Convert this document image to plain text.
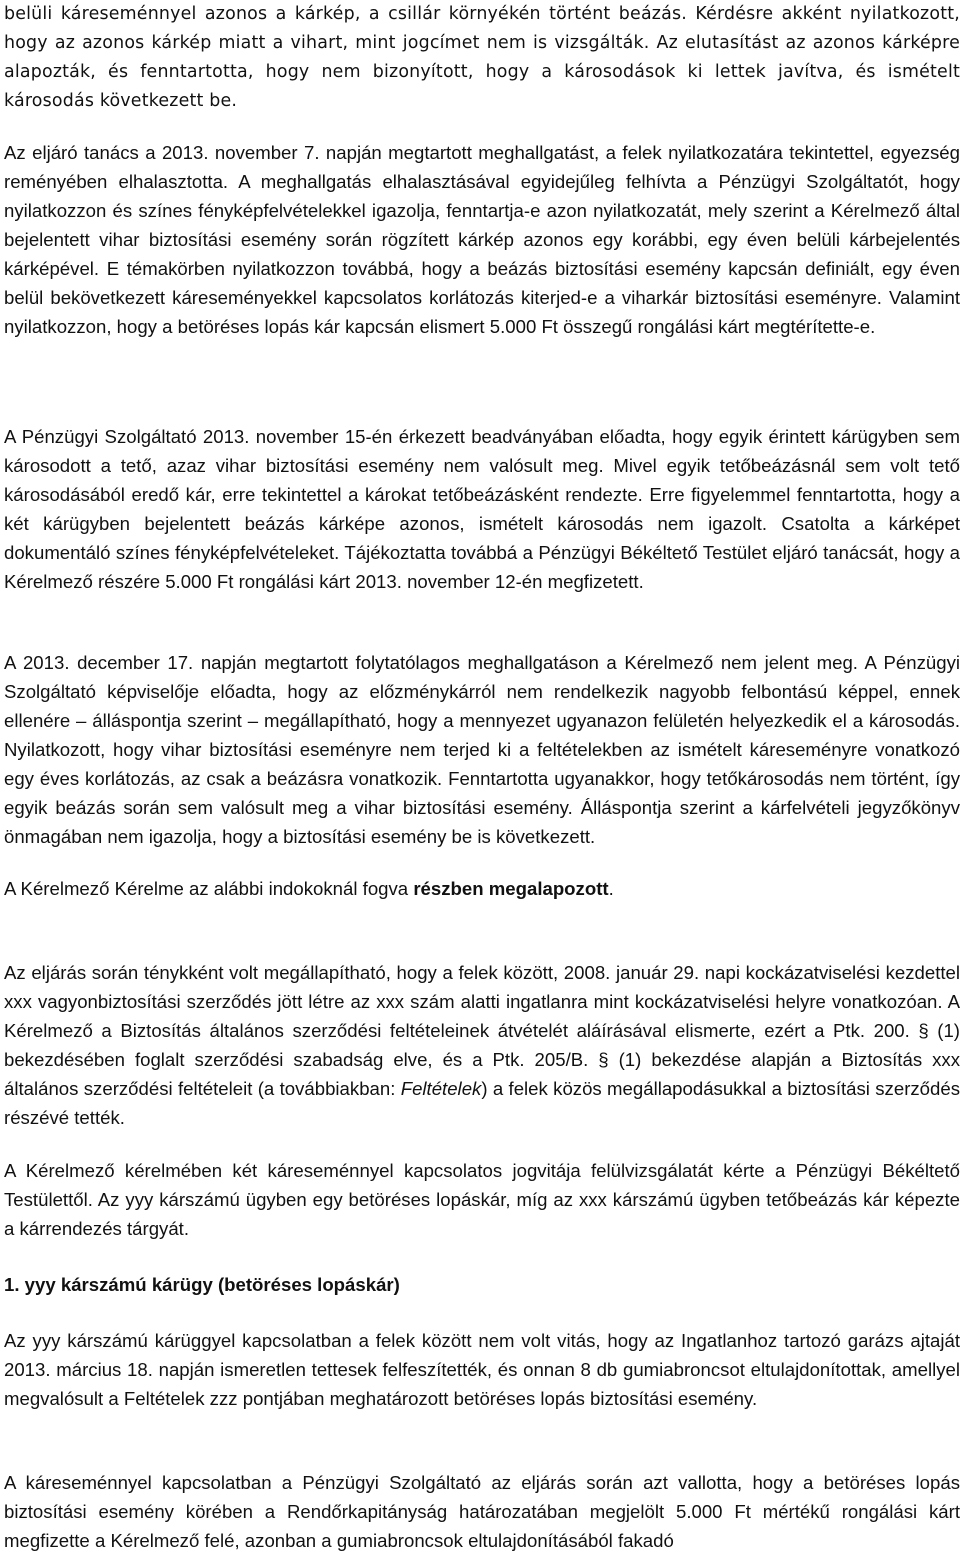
belüli káreseménnyel azonos a kárkép, a csillár környékén történt beázás. Kérdésre akként nyilatkozott, hogy az azonos kárkép miatt a vihart, mint jogcímet nem is vizsgálták. Az elutasítást az azonos kárképre alapozták, és fenntartotta, hogy nem bizonyított, hogy a károsodások ki lettek javítva, és ismételt károsodás következett be.

Az eljáró tanács a 2013. november 7. napján megtartott meghallgatást, a felek nyilatkozatára tekintettel, egyezség reményében elhalasztotta. A meghallgatás elhalasztásával egyidejűleg felhívta a Pénzügyi Szolgáltatót, hogy nyilatkozzon és színes fényképfelvételekkel igazolja, fenntartja-e azon nyilatkozatát, mely szerint a Kérelmező által bejelentett vihar biztosítási esemény során rögzített kárkép azonos egy korábbi, egy éven belüli kárbejelentés kárképével. E témakörben nyilatkozzon továbbá, hogy a beázás biztosítási esemény kapcsán definiált, egy éven belül bekövetkezett káreseményekkel kapcsolatos korlátozás kiterjed-e a viharkár biztosítási eseményre. Valamint nyilatkozzon, hogy a betöréses lopás kár kapcsán elismert 5.000 Ft összegű rongálási kárt megtérítette-e.

A Pénzügyi Szolgáltató 2013. november 15-én érkezett beadványában előadta, hogy egyik érintett kárügyben sem károsodott a tető, azaz vihar biztosítási esemény nem valósult meg. Mivel egyik tetőbeázásnál sem volt tető károsodásából eredő kár, erre tekintettel a károkat tetőbeázásként rendezte. Erre figyelemmel fenntartotta, hogy a két kárügyben bejelentett beázás kárképe azonos, ismételt károsodás nem igazolt. Csatolta a kárképet dokumentáló színes fényképfelvételeket. Tájékoztatta továbbá a Pénzügyi Békéltető Testület eljáró tanácsát, hogy a Kérelmező részére 5.000 Ft rongálási kárt 2013. november 12-én megfizetett.

A 2013. december 17. napján megtartott folytatólagos meghallgatáson a Kérelmező nem jelent meg. A Pénzügyi Szolgáltató képviselője előadta, hogy az előzménykárról nem rendelkezik nagyobb felbontású képpel, ennek ellenére – álláspontja szerint – megállapítható, hogy a mennyezet ugyanazon felületén helyezkedik el a károsodás. Nyilatkozott, hogy vihar biztosítási eseményre nem terjed ki a feltételekben az ismételt káreseményre vonatkozó egy éves korlátozás, az csak a beázásra vonatkozik. Fenntartotta ugyanakkor, hogy tetőkárosodás nem történt, így egyik beázás során sem valósult meg a vihar biztosítási esemény. Álláspontja szerint a kárfelvételi jegyzőkönyv önmagában nem igazolja, hogy a biztosítási esemény be is következett.

A Kérelmező Kérelme az alábbi indokoknál fogva részben megalapozott.

Az eljárás során ténykként volt megállapítható, hogy a felek között, 2008. január 29. napi kockázatviselési kezdettel xxx vagyonbiztosítási szerződés jött létre az xxx szám alatti ingatlanra mint kockázatviselési helyre vonatkozóan. A Kérelmező a Biztosítás általános szerződési feltételeinek átvételét aláírásával elismerte, ezért a Ptk. 200. § (1) bekezdésében foglalt szerződési szabadság elve, és a Ptk. 205/B. § (1) bekezdése alapján a Biztosítás xxx általános szerződési feltételeit (a továbbiakban: Feltételek) a felek közös megállapodásukkal a biztosítási szerződés részévé tették.

A Kérelmező kérelmében két káreseménnyel kapcsolatos jogvitája felülvizsgálatát kérte a Pénzügyi Békéltető Testülettől. Az yyy kárszámú ügyben egy betöréses lopáskár, míg az xxx kárszámú ügyben tetőbeázás kár képezte a kárrendezés tárgyát.

1. yyy kárszámú kárügy (betöréses lopáskár)

Az yyy kárszámú kárüggyel kapcsolatban a felek között nem volt vitás, hogy az Ingatlanhoz tartozó garázs ajtaját 2013. március 18. napján ismeretlen tettesek felfeszítették, és onnan 8 db gumiabroncsot eltulajdonítottak, amellyel megvalósult a Feltételek zzz pontjában meghatározott betöréses lopás biztosítási esemény.

A káreseménnyel kapcsolatban a Pénzügyi Szolgáltató az eljárás során azt vallotta, hogy a betöréses lopás biztosítási esemény körében a Rendőrkapitányság határozatában megjelölt 5.000 Ft mértékű rongálási kárt megfizette a Kérelmező felé, azonban a gumiabroncsok eltulajdonításából fakadó
